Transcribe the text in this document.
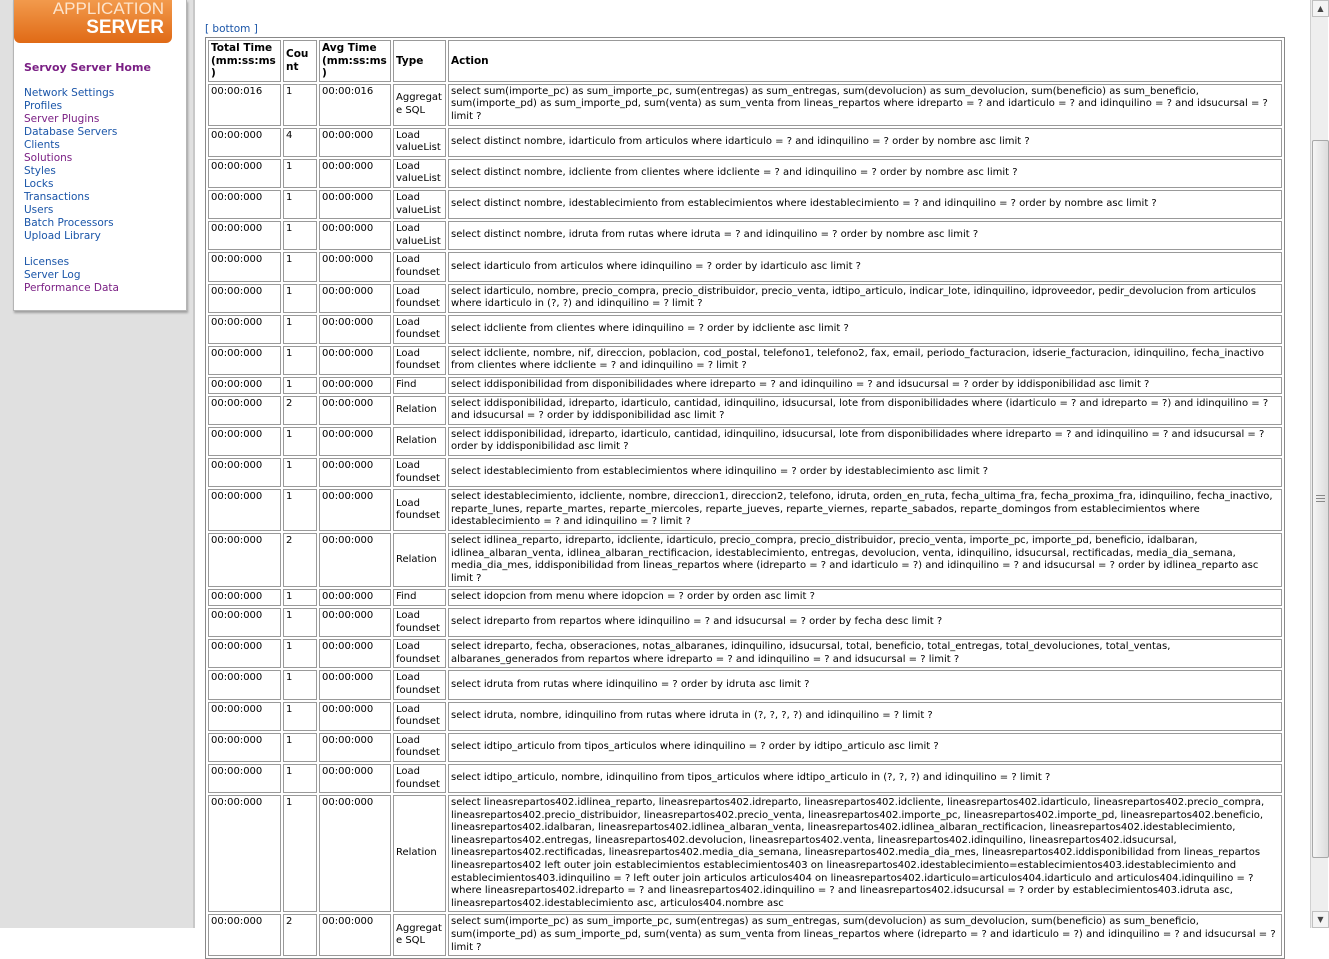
Servoy Server Home
Network Settings
Profiles
Server Plugins
Database Servers
Clients
Solutions
Styles
Locks
Transactions
Users
Batch Processors
Upload Library
Licenses
Server Log
Performance Data
APPLICATION
SERVER	[ bottom ]
Total Time (mm:ss:ms)	Count	Avg Time (mm:ss:ms)	Type	Action
00:00:016	1	00:00:016	Aggregate SQL	select sum(importe_pc) as sum_importe_pc, sum(entregas) as sum_entregas, sum(devolucion) as sum_devolucion, sum(beneficio) as sum_beneficio, sum(importe_pd) as sum_importe_pd, sum(venta) as sum_venta from lineas_repartos where idreparto = ? and idarticulo = ? and idinquilino = ? and idsucursal = ? limit ?
00:00:000	4	00:00:000	Load valueList	select distinct nombre, idarticulo from articulos where idarticulo = ? and idinquilino = ? order by nombre asc limit ?
00:00:000	1	00:00:000	Load valueList	select distinct nombre, idcliente from clientes where idcliente = ? and idinquilino = ? order by nombre asc limit ?
00:00:000	1	00:00:000	Load valueList	select distinct nombre, idestablecimiento from establecimientos where idestablecimiento = ? and idinquilino = ? order by nombre asc limit ?
00:00:000	1	00:00:000	Load valueList	select distinct nombre, idruta from rutas where idruta = ? and idinquilino = ? order by nombre asc limit ?
00:00:000	1	00:00:000	Load foundset	select idarticulo from articulos where idinquilino = ? order by idarticulo asc limit ?
00:00:000	1	00:00:000	Load foundset	select idarticulo, nombre, precio_compra, precio_distribuidor, precio_venta, idtipo_articulo, indicar_lote, idinquilino, idproveedor, pedir_devolucion from articulos where idarticulo in (?, ?) and idinquilino = ? limit ?
00:00:000	1	00:00:000	Load foundset	select idcliente from clientes where idinquilino = ? order by idcliente asc limit ?
00:00:000	1	00:00:000	Load foundset	select idcliente, nombre, nif, direccion, poblacion, cod_postal, telefono1, telefono2, fax, email, periodo_facturacion, idserie_facturacion, idinquilino, fecha_inactivo from clientes where idcliente = ? and idinquilino = ? limit ?
00:00:000	1	00:00:000	Find	select iddisponibilidad from disponibilidades where idreparto = ? and idinquilino = ? and idsucursal = ? order by iddisponibilidad asc limit ?
00:00:000	2	00:00:000	Relation	select iddisponibilidad, idreparto, idarticulo, cantidad, idinquilino, idsucursal, lote from disponibilidades where (idarticulo = ? and idreparto = ?) and idinquilino = ? and idsucursal = ? order by iddisponibilidad asc limit ?
00:00:000	1	00:00:000	Relation	select iddisponibilidad, idreparto, idarticulo, cantidad, idinquilino, idsucursal, lote from disponibilidades where idreparto = ? and idinquilino = ? and idsucursal = ? order by iddisponibilidad asc limit ?
00:00:000	1	00:00:000	Load foundset	select idestablecimiento from establecimientos where idinquilino = ? order by idestablecimiento asc limit ?
00:00:000	1	00:00:000	Load foundset	select idestablecimiento, idcliente, nombre, direccion1, direccion2, telefono, idruta, orden_en_ruta, fecha_ultima_fra, fecha_proxima_fra, idinquilino, fecha_inactivo, reparte_lunes, reparte_martes, reparte_miercoles, reparte_jueves, reparte_viernes, reparte_sabados, reparte_domingos from establecimientos where idestablecimiento = ? and idinquilino = ? limit ?
00:00:000	2	00:00:000	Relation	select idlinea_reparto, idreparto, idcliente, idarticulo, precio_compra, precio_distribuidor, precio_venta, importe_pc, importe_pd, beneficio, idalbaran, idlinea_albaran_venta, idlinea_albaran_rectificacion, idestablecimiento, entregas, devolucion, venta, idinquilino, idsucursal, rectificadas, media_dia_semana, media_dia_mes, iddisponibilidad from lineas_repartos where (idreparto = ? and idarticulo = ?) and idinquilino = ? and idsucursal = ? order by idlinea_reparto asc limit ?
00:00:000	1	00:00:000	Find	select idopcion from menu where idopcion = ? order by orden asc limit ?
00:00:000	1	00:00:000	Load foundset	select idreparto from repartos where idinquilino = ? and idsucursal = ? order by fecha desc limit ?
00:00:000	1	00:00:000	Load foundset	select idreparto, fecha, obseraciones, notas_albaranes, idinquilino, idsucursal, total, beneficio, total_entregas, total_devoluciones, total_ventas, albaranes_generados from repartos where idreparto = ? and idinquilino = ? and idsucursal = ? limit ?
00:00:000	1	00:00:000	Load foundset	select idruta from rutas where idinquilino = ? order by idruta asc limit ?
00:00:000	1	00:00:000	Load foundset	select idruta, nombre, idinquilino from rutas where idruta in (?, ?, ?, ?) and idinquilino = ? limit ?
00:00:000	1	00:00:000	Load foundset	select idtipo_articulo from tipos_articulos where idinquilino = ? order by idtipo_articulo asc limit ?
00:00:000	1	00:00:000	Load foundset	select idtipo_articulo, nombre, idinquilino from tipos_articulos where idtipo_articulo in (?, ?, ?) and idinquilino = ? limit ?
00:00:000	1	00:00:000	Relation	select lineasrepartos402.idlinea_reparto, lineasrepartos402.idreparto, lineasrepartos402.idcliente, lineasrepartos402.idarticulo, lineasrepartos402.precio_compra, lineasrepartos402.precio_distribuidor, lineasrepartos402.precio_venta, lineasrepartos402.importe_pc, lineasrepartos402.importe_pd, lineasrepartos402.beneficio, lineasrepartos402.idalbaran, lineasrepartos402.idlinea_albaran_venta, lineasrepartos402.idlinea_albaran_rectificacion, lineasrepartos402.idestablecimiento, lineasrepartos402.entregas, lineasrepartos402.devolucion, lineasrepartos402.venta, lineasrepartos402.idinquilino, lineasrepartos402.idsucursal, lineasrepartos402.rectificadas, lineasrepartos402.media_dia_semana, lineasrepartos402.media_dia_mes, lineasrepartos402.iddisponibilidad from lineas_repartos lineasrepartos402 left outer join establecimientos establecimientos403 on lineasrepartos402.idestablecimiento=establecimientos403.idestablecimiento and establecimientos403.idinquilino = ? left outer join articulos articulos404 on lineasrepartos402.idarticulo=articulos404.idarticulo and articulos404.idinquilino = ? where lineasrepartos402.idreparto = ? and lineasrepartos402.idinquilino = ? and lineasrepartos402.idsucursal = ? order by establecimientos403.idruta asc, lineasrepartos402.idestablecimiento asc, articulos404.nombre asc
00:00:000	2	00:00:000	Aggregate SQL	select sum(importe_pc) as sum_importe_pc, sum(entregas) as sum_entregas, sum(devolucion) as sum_devolucion, sum(beneficio) as sum_beneficio, sum(importe_pd) as sum_importe_pd, sum(venta) as sum_venta from lineas_repartos where (idreparto = ? and idarticulo = ?) and idinquilino = ? and idsucursal = ? limit ?
▲
▼
